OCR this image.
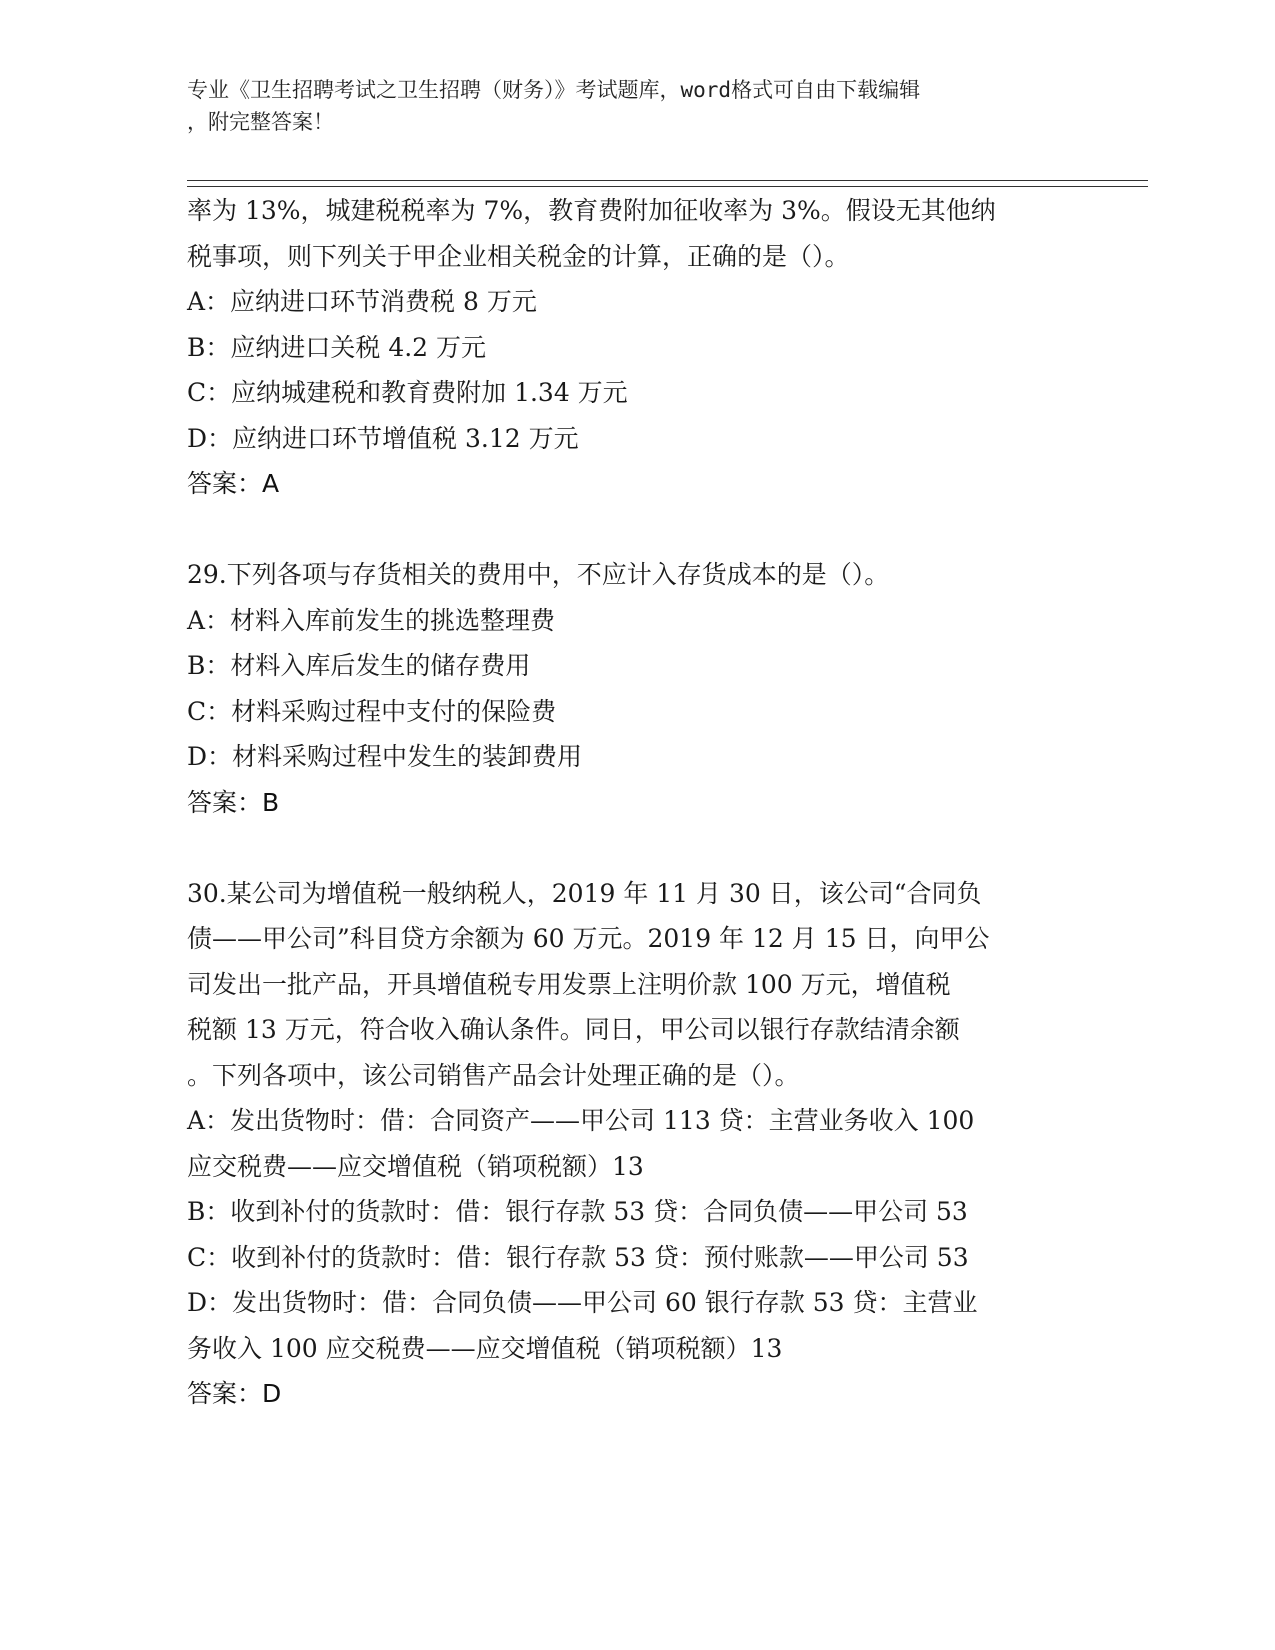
专业《卫生招聘考试之卫生招聘（财务）》考试题库，word格式可自由下载编辑
，附完整答案！
率为 13%，城建税税率为 7%，教育费附加征收率为 3%。假设无其他纳
税事项，则下列关于甲企业相关税金的计算，正确的是（）。
A：应纳进口环节消费税 8 万元
B：应纳进口关税 4.2 万元
C：应纳城建税和教育费附加 1.34 万元
D：应纳进口环节增值税 3.12 万元
答案：A
29.下列各项与存货相关的费用中，不应计入存货成本的是（）。
A：材料入库前发生的挑选整理费
B：材料入库后发生的储存费用
C：材料采购过程中支付的保险费
D：材料采购过程中发生的装卸费用
答案：B
30.某公司为增值税一般纳税人，2019 年 11 月 30 日，该公司“合同负
债——甲公司”科目贷方余额为 60 万元。2019 年 12 月 15 日，向甲公
司发出一批产品，开具增值税专用发票上注明价款 100 万元，增值税
税额 13 万元，符合收入确认条件。同日，甲公司以银行存款结清余额
。下列各项中，该公司销售产品会计处理正确的是（）。
A：发出货物时：借：合同资产——甲公司 113 贷：主营业务收入 100
应交税费——应交增值税（销项税额）13
B：收到补付的货款时：借：银行存款 53 贷：合同负债——甲公司 53
C：收到补付的货款时：借：银行存款 53 贷：预付账款——甲公司 53
D：发出货物时：借：合同负债——甲公司 60 银行存款 53 贷：主营业
务收入 100 应交税费——应交增值税（销项税额）13
答案：D
